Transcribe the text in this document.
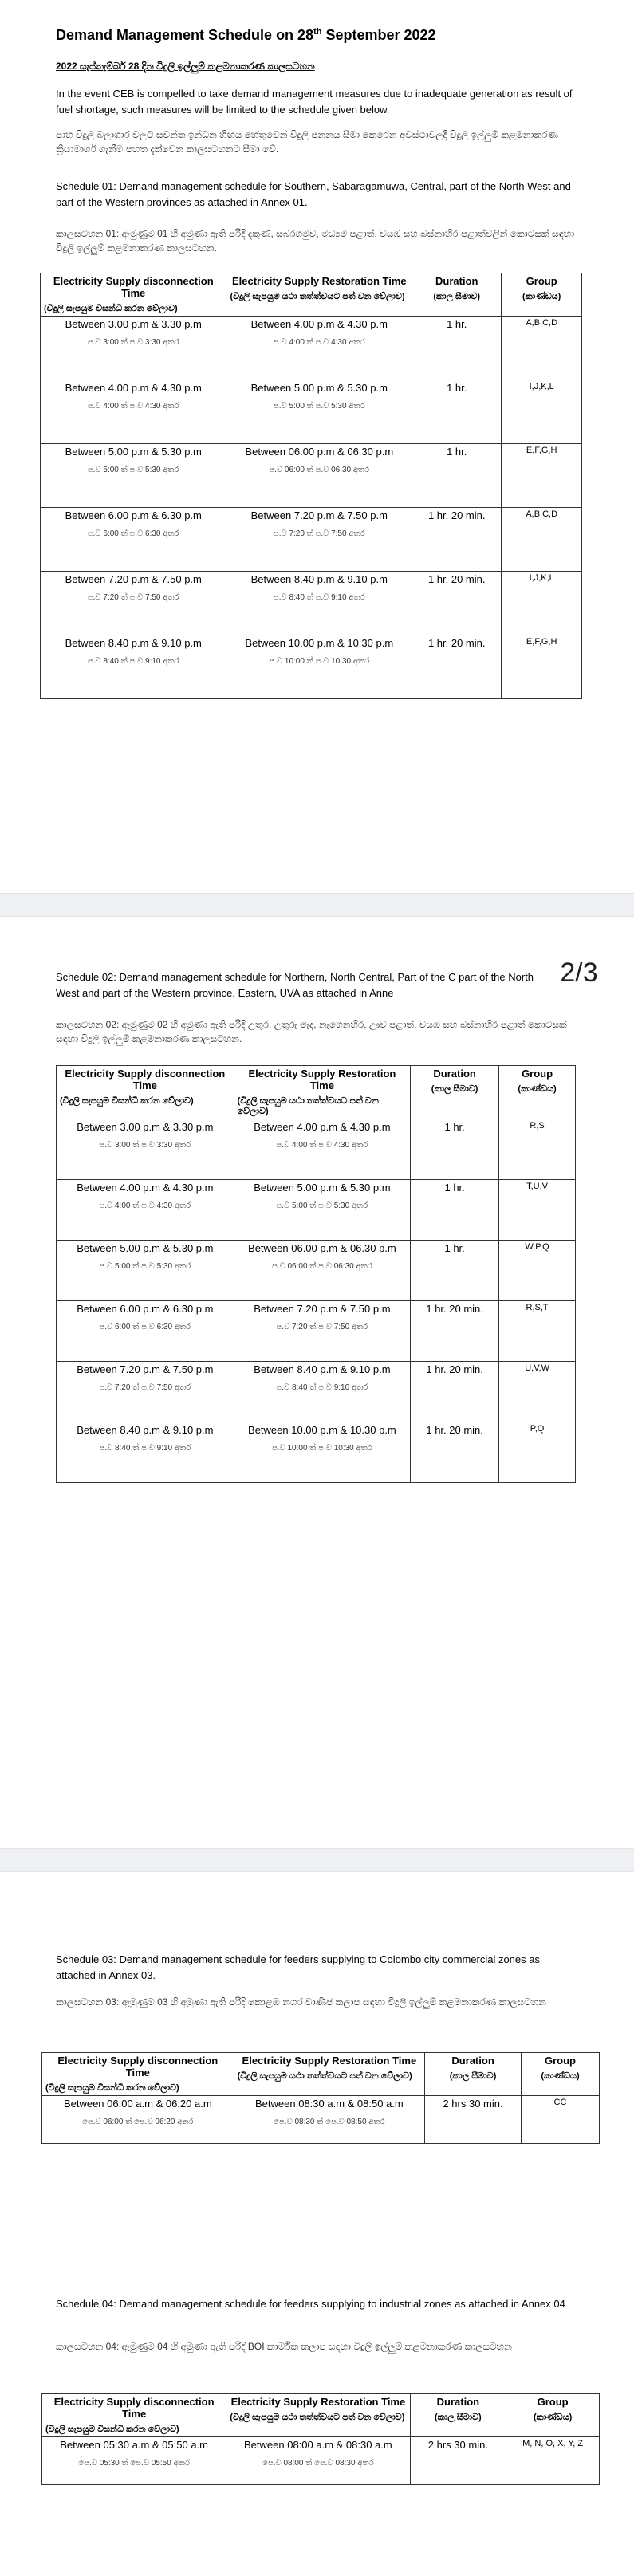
Demand Management Schedule on 28th September 2022
2022 සැප්තැම්බර් 28 දින විදුලි ඉල්ලුම් කළමනාකරණ කාලසටහන
In the event CEB is compelled to take demand management measures due to inadequate generation as result of fuel shortage, such measures will be limited to the schedule given below.
පාහ විදුලි බලාගාර වලට සවන්ත ඉන්ධන හිඟය හේතුවෙන් විදුලි ජනනය සීමා කෙරෙන අවස්ථාවලදී විදුලි ඉල්ලුම් කළමනාකරණ ක්‍රියාමාර්ග ගැනීම පහත දැක්වෙන කාලසටහනට සීමා වේ.
Schedule 01: Demand management schedule for Southern, Sabaragamuwa, Central, part of the North West and part of the Western provinces as attached in Annex 01.
කාලසටහන 01: ඇමුණුම 01 හි අමුණා ඇති පරිදි දකුණ, සබරගමුව, මධ්‍යම පළාත්, වයඹ සහ බස්නාහිර පළාත්වලින් කොටසක් සඳහා විදුලි ඉල්ලුම් කළමනාකරණ කාලසටහන.
Electricity Supply disconnection Time
(විදුලි සැපයුම විසන්ධි කරන වේලාව)	Electricity Supply Restoration Time
(විදුලි සැපයුම යථා තත්ත්වයට පත් වන වේලාව)	Duration
(කාල සීමාව)	Group
(කාණ්ඩය)

Between 3.00 p.m & 3.30 p.m
ප.ව 3:00 ත් ප.ව 3:30 අතර	Between 4.00 p.m & 4.30 p.m
ප.ව 4:00 ත් ප.ව 4:30 අතර	1 hr.	A,B,C,D
Between 4.00 p.m & 4.30 p.m
ප.ව 4:00 ත් ප.ව 4:30 අතර	Between 5.00 p.m & 5.30 p.m
ප.ව 5:00 ත් ප.ව 5:30 අතර	1 hr.	I,J,K,L
Between 5.00 p.m & 5.30 p.m
ප.ව 5:00 ත් ප.ව 5:30 අතර	Between 06.00 p.m & 06.30 p.m
ප.ව 06:00 ත් ප.ව 06:30 අතර	1 hr.	E,F,G,H
Between 6.00 p.m & 6.30 p.m
ප.ව 6:00 ත් ප.ව 6:30 අතර	Between 7.20 p.m & 7.50 p.m
ප.ව 7:20 ත් ප.ව 7:50 අතර	1 hr. 20 min.	A,B,C,D
Between 7.20 p.m & 7.50 p.m
ප.ව 7:20 ත් ප.ව 7:50 අතර	Between 8.40 p.m & 9.10 p.m
ප.ව 8:40 ත් ප.ව 9:10 අතර	1 hr. 20 min.	I,J,K,L
Between 8.40 p.m & 9.10 p.m
ප.ව 8:40 ත් ප.ව 9:10 අතර	Between 10.00 p.m & 10.30 p.m
ප.ව 10:00 ත් ප.ව 10:30 අතර	1 hr. 20 min.	E,F,G,H
Schedule 02: Demand management schedule for Northern, North Central, Part of the C part of the North West and part of the Western province, Eastern, UVA as attached in Anne
කාලසටහන 02: ඇමුණුම 02 හි අමුණා ඇති පරිදි උතුර, උතුරු මැද, නැගෙනහිර, ඌව පළාත්, වයඹ සහ බස්නාහිර පළාත් කොටසක් සඳහා විදුලි ඉල්ලුම් කළමනාකරණ කාලසටහන.
Electricity Supply disconnection Time
(විදුලි සැපයුම විසන්ධි කරන වේලාව)	Electricity Supply Restoration Time
(විදුලි සැපයුම යථා තත්ත්වයට පත් වන වේලාව)	Duration
(කාල සීමාව)	Group
(කාණ්ඩය)

Between 3.00 p.m & 3.30 p.m
ප.ව 3:00 ත් ප.ව 3:30 අතර	Between 4.00 p.m & 4.30 p.m
ප.ව 4:00 ත් ප.ව 4:30 අතර	1 hr.	R,S
Between 4.00 p.m & 4.30 p.m
ප.ව 4:00 ත් ප.ව 4:30 අතර	Between 5.00 p.m & 5.30 p.m
ප.ව 5:00 ත් ප.ව 5:30 අතර	1 hr.	T,U,V
Between 5.00 p.m & 5.30 p.m
ප.ව 5:00 ත් ප.ව 5:30 අතර	Between 06.00 p.m & 06.30 p.m
ප.ව 06:00 ත් ප.ව 06:30 අතර	1 hr.	W,P,Q
Between 6.00 p.m & 6.30 p.m
ප.ව 6:00 ත් ප.ව 6:30 අතර	Between 7.20 p.m & 7.50 p.m
ප.ව 7:20 ත් ප.ව 7:50 අතර	1 hr. 20 min.	R,S,T
Between 7.20 p.m & 7.50 p.m
ප.ව 7:20 ත් ප.ව 7:50 අතර	Between 8.40 p.m & 9.10 p.m
ප.ව 8:40 ත් ප.ව 9:10 අතර	1 hr. 20 min.	U,V,W
Between 8.40 p.m & 9.10 p.m
ප.ව 8:40 ත් ප.ව 9:10 අතර	Between 10.00 p.m & 10.30 p.m
ප.ව 10:00 ත් ප.ව 10:30 අතර	1 hr. 20 min.	P,Q
2/3
Schedule 03: Demand management schedule for feeders supplying to Colombo city commercial zones as attached in Annex 03.
කාලසටහන 03: ඇමුණුම 03 හි අමුණා ඇති පරිදි කොළඹ නගර වාණිජ කලාප සඳහා විදුලි ඉල්ලුම් කළමනාකරණ කාලසටහන
Electricity Supply disconnection Time
(විදුලි සැපයුම විසන්ධි කරන වේලාව)	Electricity Supply Restoration Time
(විදුලි සැපයුම යථා තත්ත්වයට පත් වන වේලාව)	Duration
(කාල සීමාව)	Group
(කාණ්ඩය)

Between 06:00 a.m & 06:20 a.m
පෙ.ව 06:00 ත් පෙ.ව 06:20 අතර	Between 08:30 a.m & 08:50 a.m
පෙ.ව 08:30 ත් පෙ.ව 08:50 අතර	2 hrs 30 min.	CC
Schedule 04: Demand management schedule for feeders supplying to industrial zones as attached in Annex 04
කාලසටහන 04: ඇමුණුම 04 හි අමුණා ඇති පරිදි BOI කාර්මික කලාප සඳහා විදුලි ඉල්ලුම් කළමනාකරණ කාලසටහන
Electricity Supply disconnection Time
(විදුලි සැපයුම විසන්ධි කරන වේලාව)	Electricity Supply Restoration Time
(විදුලි සැපයුම යථා තත්ත්වයට පත් වන වේලාව)	Duration
(කාල සීමාව)	Group
(කාණ්ඩය)

Between 05:30 a.m & 05:50 a.m
පෙ.ව 05:30 ත් පෙ.ව 05:50 අතර	Between 08:00 a.m & 08:30 a.m
පෙ.ව 08:00 ත් පෙ.ව 08:30 අතර	2 hrs 30 min.	M, N, O, X, Y, Z
